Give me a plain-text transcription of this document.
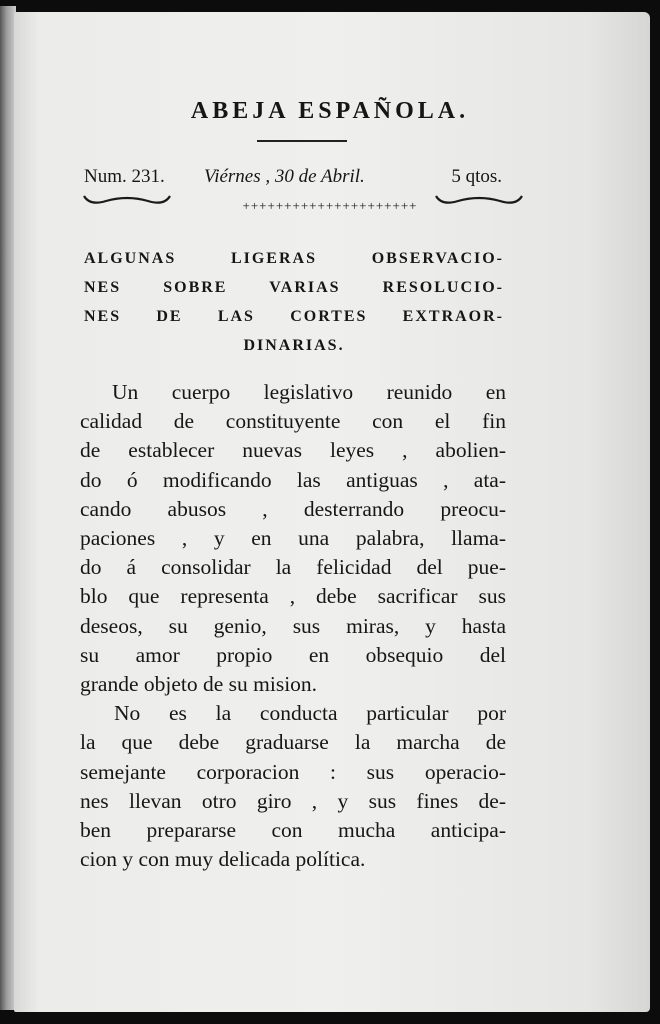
ABEJA ESPAÑOLA.
Num. 231. Viérnes , 30 de Abril.	5 qtos.
+++++++++++++++++++++
ALGUNAS LIGERAS OBSERVACIO-
NES SOBRE VARIAS RESOLUCIO-
NES DE LAS CORTES EXTRAOR-
DINARIAS.
Un cuerpo legislativo reunido en
calidad de constituyente con el fin
de establecer nuevas leyes , abolien-
do ó modificando las antiguas , ata-
cando abusos , desterrando preocu-
paciones , y en una palabra, llama-
do á consolidar la felicidad del pue-
blo que representa , debe sacrificar sus
deseos, su genio, sus miras, y hasta
su amor propio en obsequio del
grande objeto de su mision.
No es la conducta particular por
la que debe graduarse la marcha de
semejante corporacion : sus operacio-
nes llevan otro giro , y sus fines de-
ben prepararse con mucha anticipa-
cion y con muy delicada política.
